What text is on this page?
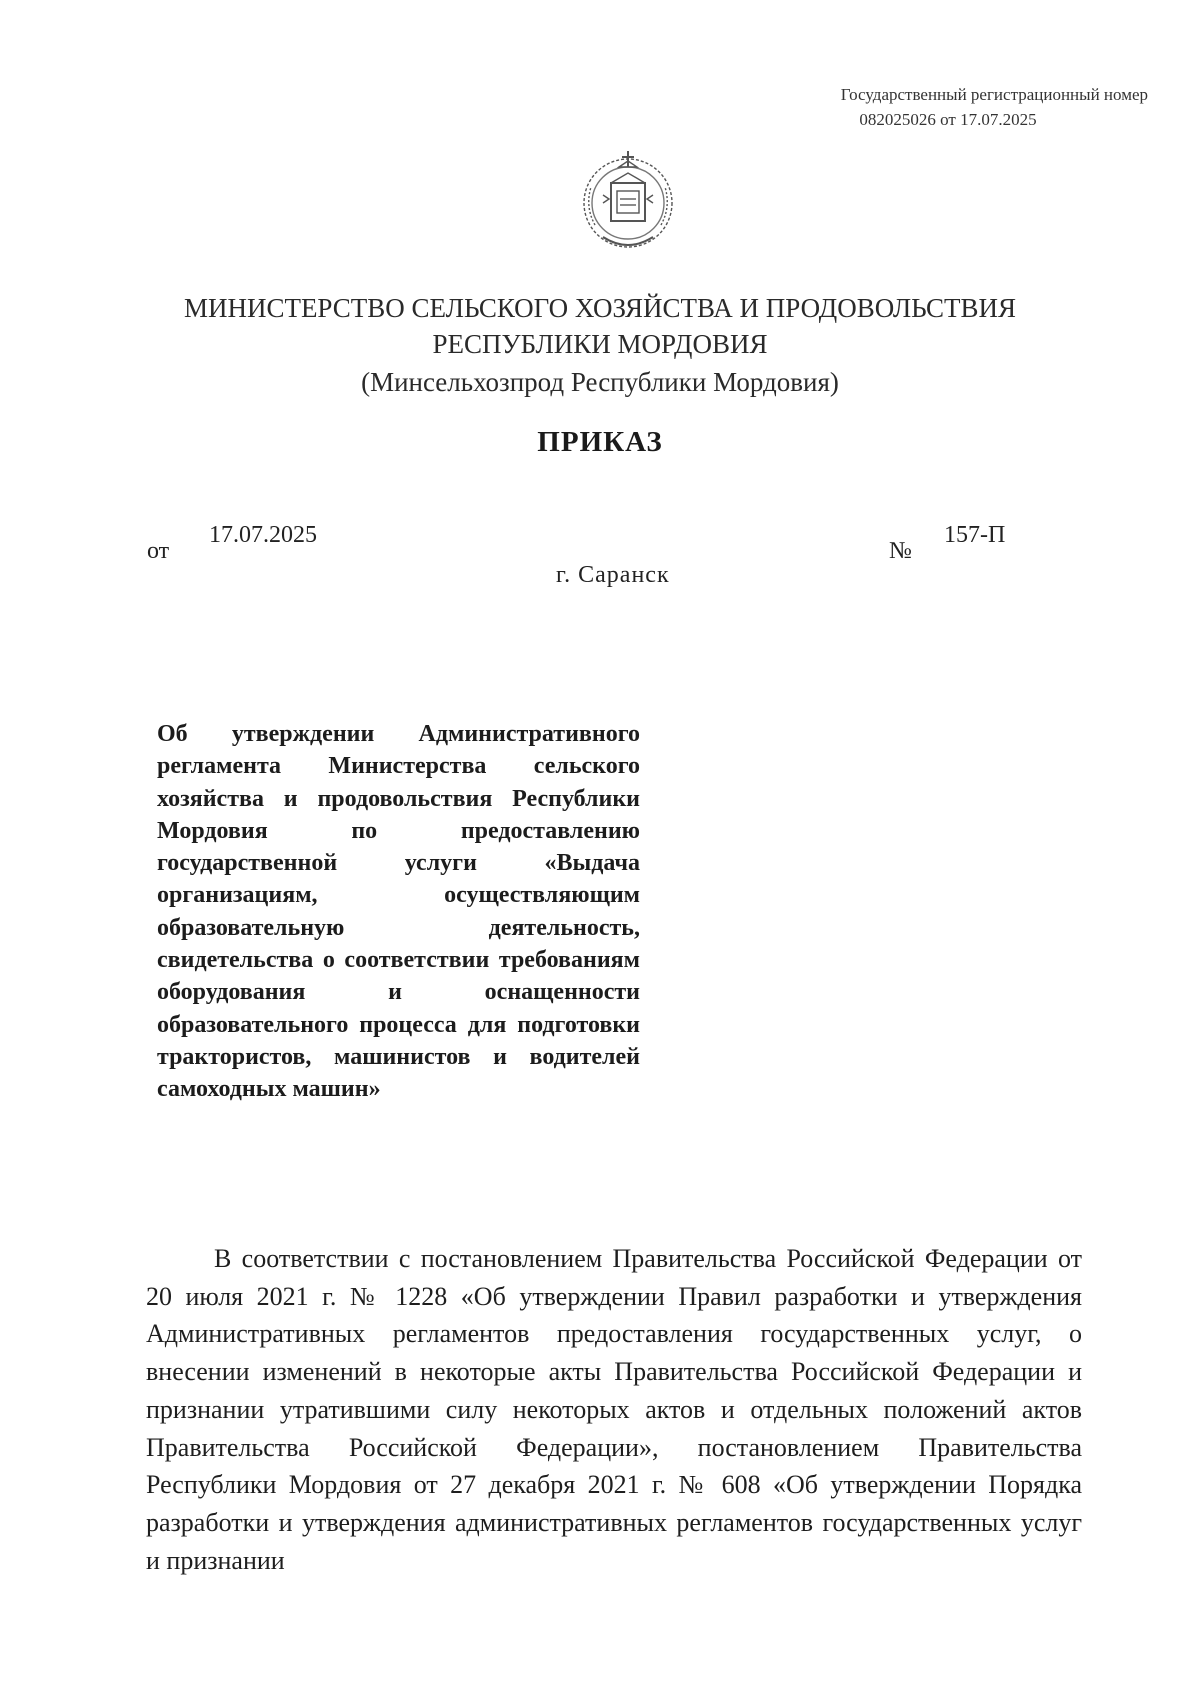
Государственный регистрационный номер
082025026 от 17.07.2025
МИНИСТЕРСТВО СЕЛЬСКОГО ХОЗЯЙСТВА И ПРОДОВОЛЬСТВИЯ
РЕСПУБЛИКИ МОРДОВИЯ
(Минсельхозпрод Республики Мордовия)
ПРИКАЗ
от
17.07.2025
№
157-П
г. Саранск
Об утверждении Административного регламента Министерства сельского хозяйства и продовольствия Республики Мордовия по предоставлению государственной услуги «Выдача организациям, осуществляющим образовательную деятельность, свидетельства о соответствии требованиям оборудования и оснащенности образовательного процесса для подготовки трактористов, машинистов и водителей самоходных машин»
В соответствии с постановлением Правительства Российской Федерации от 20 июля 2021 г. № 1228 «Об утверждении Правил разработки и утверждения Административных регламентов предоставления государственных услуг, о внесении изменений в некоторые акты Правительства Российской Федерации и признании утратившими силу некоторых актов и отдельных положений актов Правительства Российской Федерации», постановлением Правительства Республики Мордовия от 27 декабря 2021 г. № 608 «Об утверждении Порядка разработки и утверждения административных регламентов государственных услуг и признании
